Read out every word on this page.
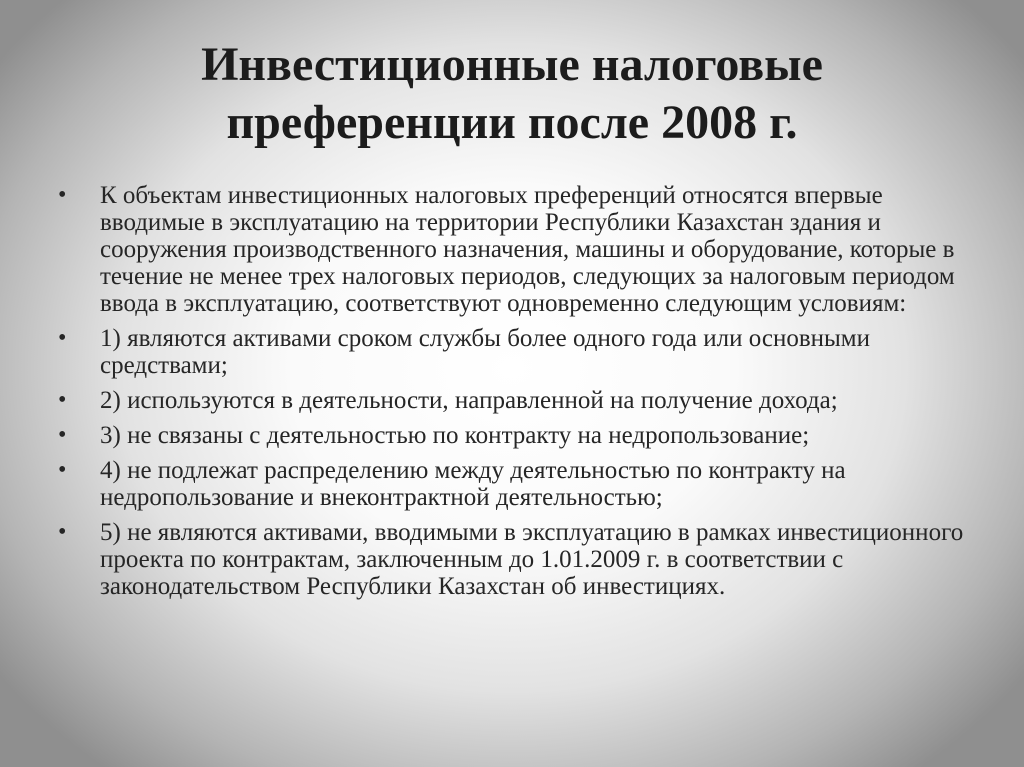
Инвестиционные налоговые
преференции после 2008 г.
•	К объектам инвестиционных налоговых преференций относятся впервые вводимые в эксплуатацию на территории Республики Казахстан здания и сооружения производственного назначения, машины и оборудование, которые в течение не менее трех налоговых периодов, следующих за налоговым периодом ввода в эксплуатацию, соответствуют одновременно следующим условиям:
•	1) являются активами сроком службы более одного года или основными средствами;
•	2) используются в деятельности, направленной на получение дохода;
•	3) не связаны с деятельностью по контракту на недропользование;
•	4) не подлежат распределению между деятельностью по контракту на недропользование и внеконтрактной деятельностью;
•	5) не являются активами, вводимыми в эксплуатацию в рамках инвестиционного проекта по контрактам, заключенным до 1.01.2009 г. в соответствии с законодательством Республики Казахстан об инвестициях.
